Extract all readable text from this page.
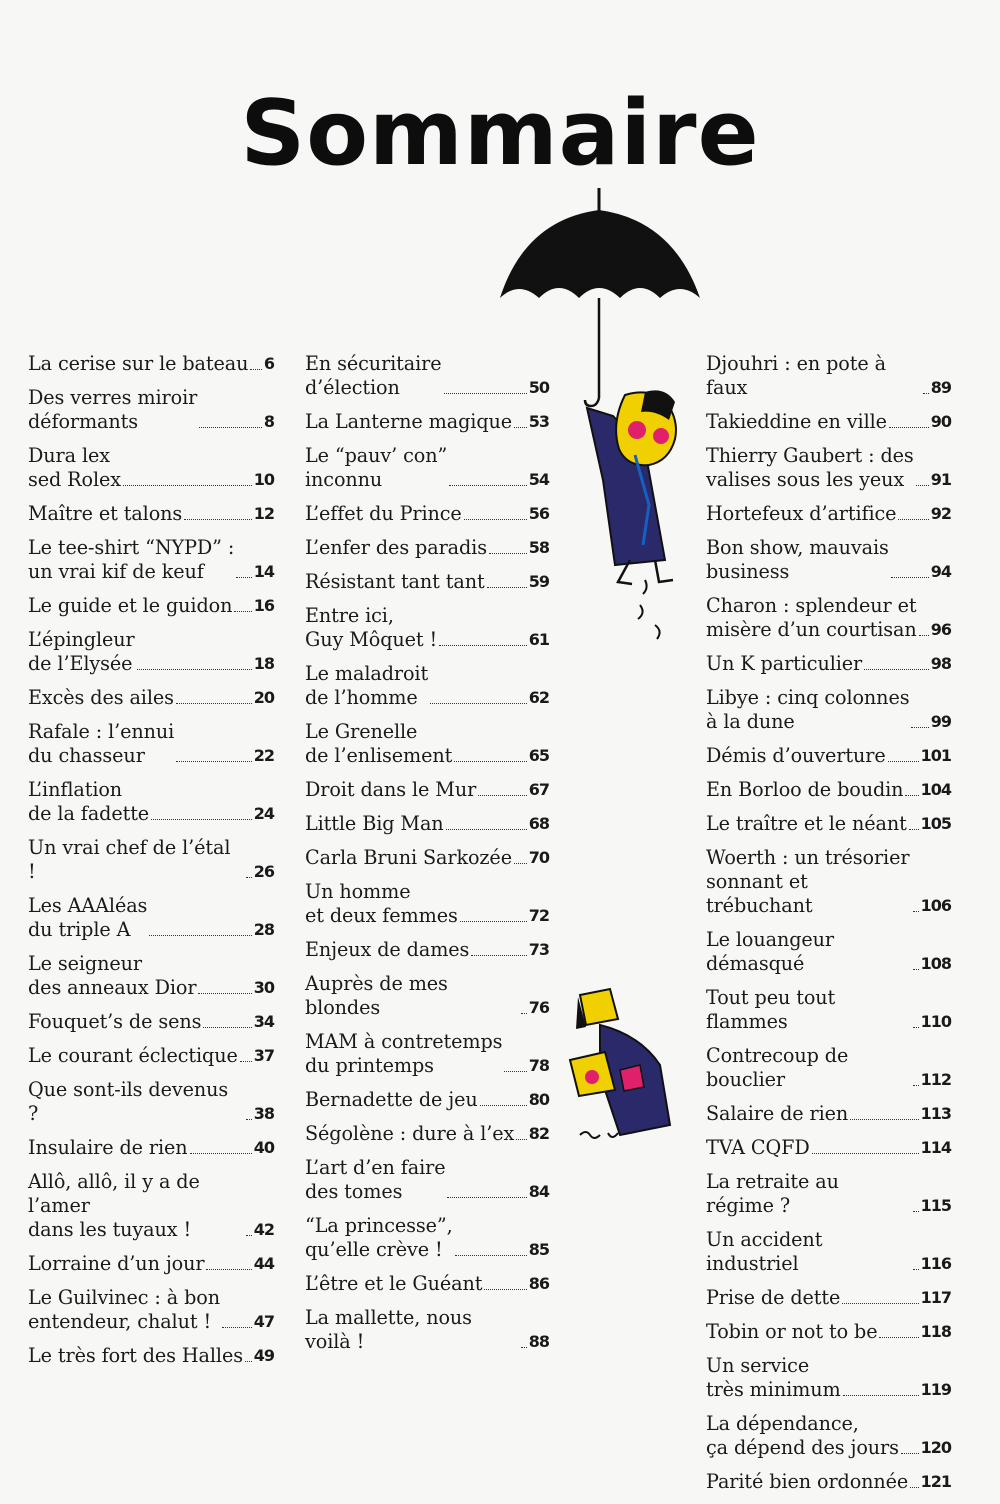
Sommaire
La cerise sur le bateau 6
Des verres miroir
déformants	8
Dura lex
sed Rolex	10
Maître et talons	12
Le tee-shirt “NYPD” :
un vrai kif de keuf	14
Le guide et le guidon 16
L’épingleur
de l’Elysée	18
Excès des ailes	20
Rafale : l’ennui
du chasseur	22
L’inflation
de la fadette	24
Un vrai chef de l’étal !	26
Les AAAléas
du triple A	28
Le seigneur
des anneaux Dior	30
Fouquet’s de sens	34
Le courant éclectique 37
Que sont-ils devenus ?	38
Insulaire de rien	40
Allô, allô, il y a de l’amer
dans les tuyaux !	42
Lorraine d’un jour	44
Le Guilvinec : à bon
entendeur, chalut !	47
Le très fort des Halles 49
En sécuritaire
d’élection	50
La Lanterne magique 53
Le “pauv’ con”
inconnu	54
L’effet du Prince	56
L’enfer des paradis	58
Résistant tant tant	59
Entre ici,
Guy Môquet !	61
Le maladroit
de l’homme	62
Le Grenelle
de l’enlisement	65
Droit dans le Mur	67
Little Big Man	68
Carla Bruni Sarkozée 70
Un homme
et deux femmes	72
Enjeux de dames	73
Auprès de mes blondes	76
MAM à contretemps
du printemps	78
Bernadette de jeu	80
Ségolène : dure à l’ex 82
L’art d’en faire
des tomes	84
“La princesse”,
qu’elle crève !	85
L’être et le Guéant	86
La mallette, nous voilà !	88
Djouhri : en pote à faux	89
Takieddine en ville	90
Thierry Gaubert : des
valises sous les yeux	91
Hortefeux d’artifice 92
Bon show, mauvais
business	94
Charon : splendeur et
misère d’un courtisan 96
Un K particulier	98
Libye : cinq colonnes
à la dune	99
Démis d’ouverture 101
En Borloo de boudin 104
Le traître et le néant 105
Woerth : un trésorier
sonnant et trébuchant	106
Le louangeur démasqué	108
Tout peu tout flammes	110
Contrecoup de bouclier	112
Salaire de rien	113
TVA CQFD	114
La retraite au régime ?	115
Un accident industriel	116
Prise de dette	117
Tobin or not to be	118
Un service
très minimum	119
La dépendance,
ça dépend des jours 120
Parité bien ordonnée 121
